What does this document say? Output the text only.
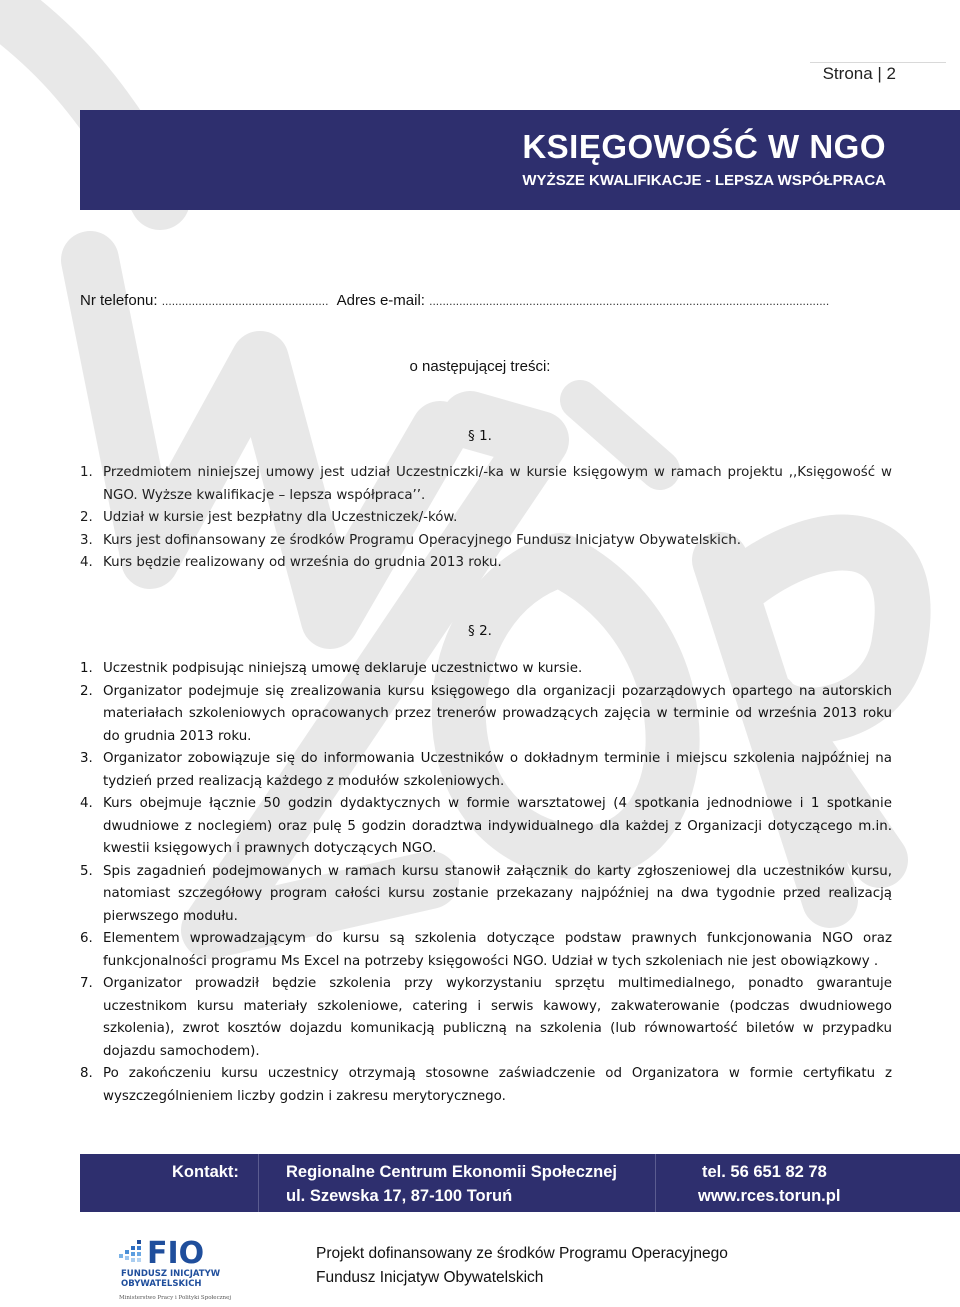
Strona | 2
KSIĘGOWOŚĆ W NGO
WYŻSZE KWALIFIKACJE - LEPSZA WSPÓŁPRACA
Nr telefonu: .................................................. Adres e-mail: ........................................................................................................................
o następującej treści:
§ 1.
1. Przedmiotem niniejszej umowy jest udział Uczestniczki/-ka w kursie księgowym w ramach projektu ,,Księgowość w NGO. Wyższe kwalifikacje – lepsza współpraca’’.
2. Udział w kursie jest bezpłatny dla Uczestniczek/-ków.
3. Kurs jest dofinansowany ze środków Programu Operacyjnego Fundusz Inicjatyw Obywatelskich.
4. Kurs będzie realizowany od września do grudnia 2013 roku.
§ 2.
1. Uczestnik podpisując niniejszą umowę deklaruje uczestnictwo w kursie.
2. Organizator podejmuje się zrealizowania kursu księgowego dla organizacji pozarządowych opartego na autorskich materiałach szkoleniowych opracowanych przez trenerów prowadzących zajęcia w terminie od września 2013 roku do grudnia 2013 roku.
3. Organizator zobowiązuje się do informowania Uczestników o dokładnym terminie i miejscu szkolenia najpóźniej na tydzień przed realizacją każdego z modułów szkoleniowych.
4. Kurs obejmuje łącznie 50 godzin dydaktycznych w formie warsztatowej (4 spotkania jednodniowe i 1 spotkanie dwudniowe z noclegiem) oraz pulę 5 godzin doradztwa indywidualnego dla każdej z Organizacji dotyczącego m.in. kwestii księgowych i prawnych dotyczących NGO.
5. Spis zagadnień podejmowanych w ramach kursu stanowił załącznik do karty zgłoszeniowej dla uczestników kursu, natomiast szczegółowy program całości kursu zostanie przekazany najpóźniej na dwa tygodnie przed realizacją pierwszego modułu.
6. Elementem wprowadzającym do kursu są szkolenia dotyczące podstaw prawnych funkcjonowania NGO oraz funkcjonalności programu Ms Excel na potrzeby księgowości NGO. Udział w tych szkoleniach nie jest obowiązkowy .
7. Organizator prowadził będzie szkolenia przy wykorzystaniu sprzętu multimedialnego, ponadto gwarantuje uczestnikom kursu materiały szkoleniowe, catering i serwis kawowy, zakwaterowanie (podczas dwudniowego szkolenia), zwrot kosztów dojazdu komunikacją publiczną na szkolenia (lub równowartość biletów w przypadku dojazdu samochodem).
8. Po zakończeniu kursu uczestnicy otrzymają stosowne zaświadczenie od Organizatora w formie certyfikatu z wyszczególnieniem liczby godzin i zakresu merytorycznego.
Kontakt:	Regionalne Centrum Ekonomii Społecznej
ul. Szewska 17, 87-100 Toruń
tel. 56 651 82 78
www.rces.torun.pl
FIO
FUNDUSZ INICJATYW
OBYWATELSKICH
Ministerstwo Pracy i Polityki Społecznej
Projekt dofinansowany ze środków Programu Operacyjnego
Fundusz Inicjatyw Obywatelskich
